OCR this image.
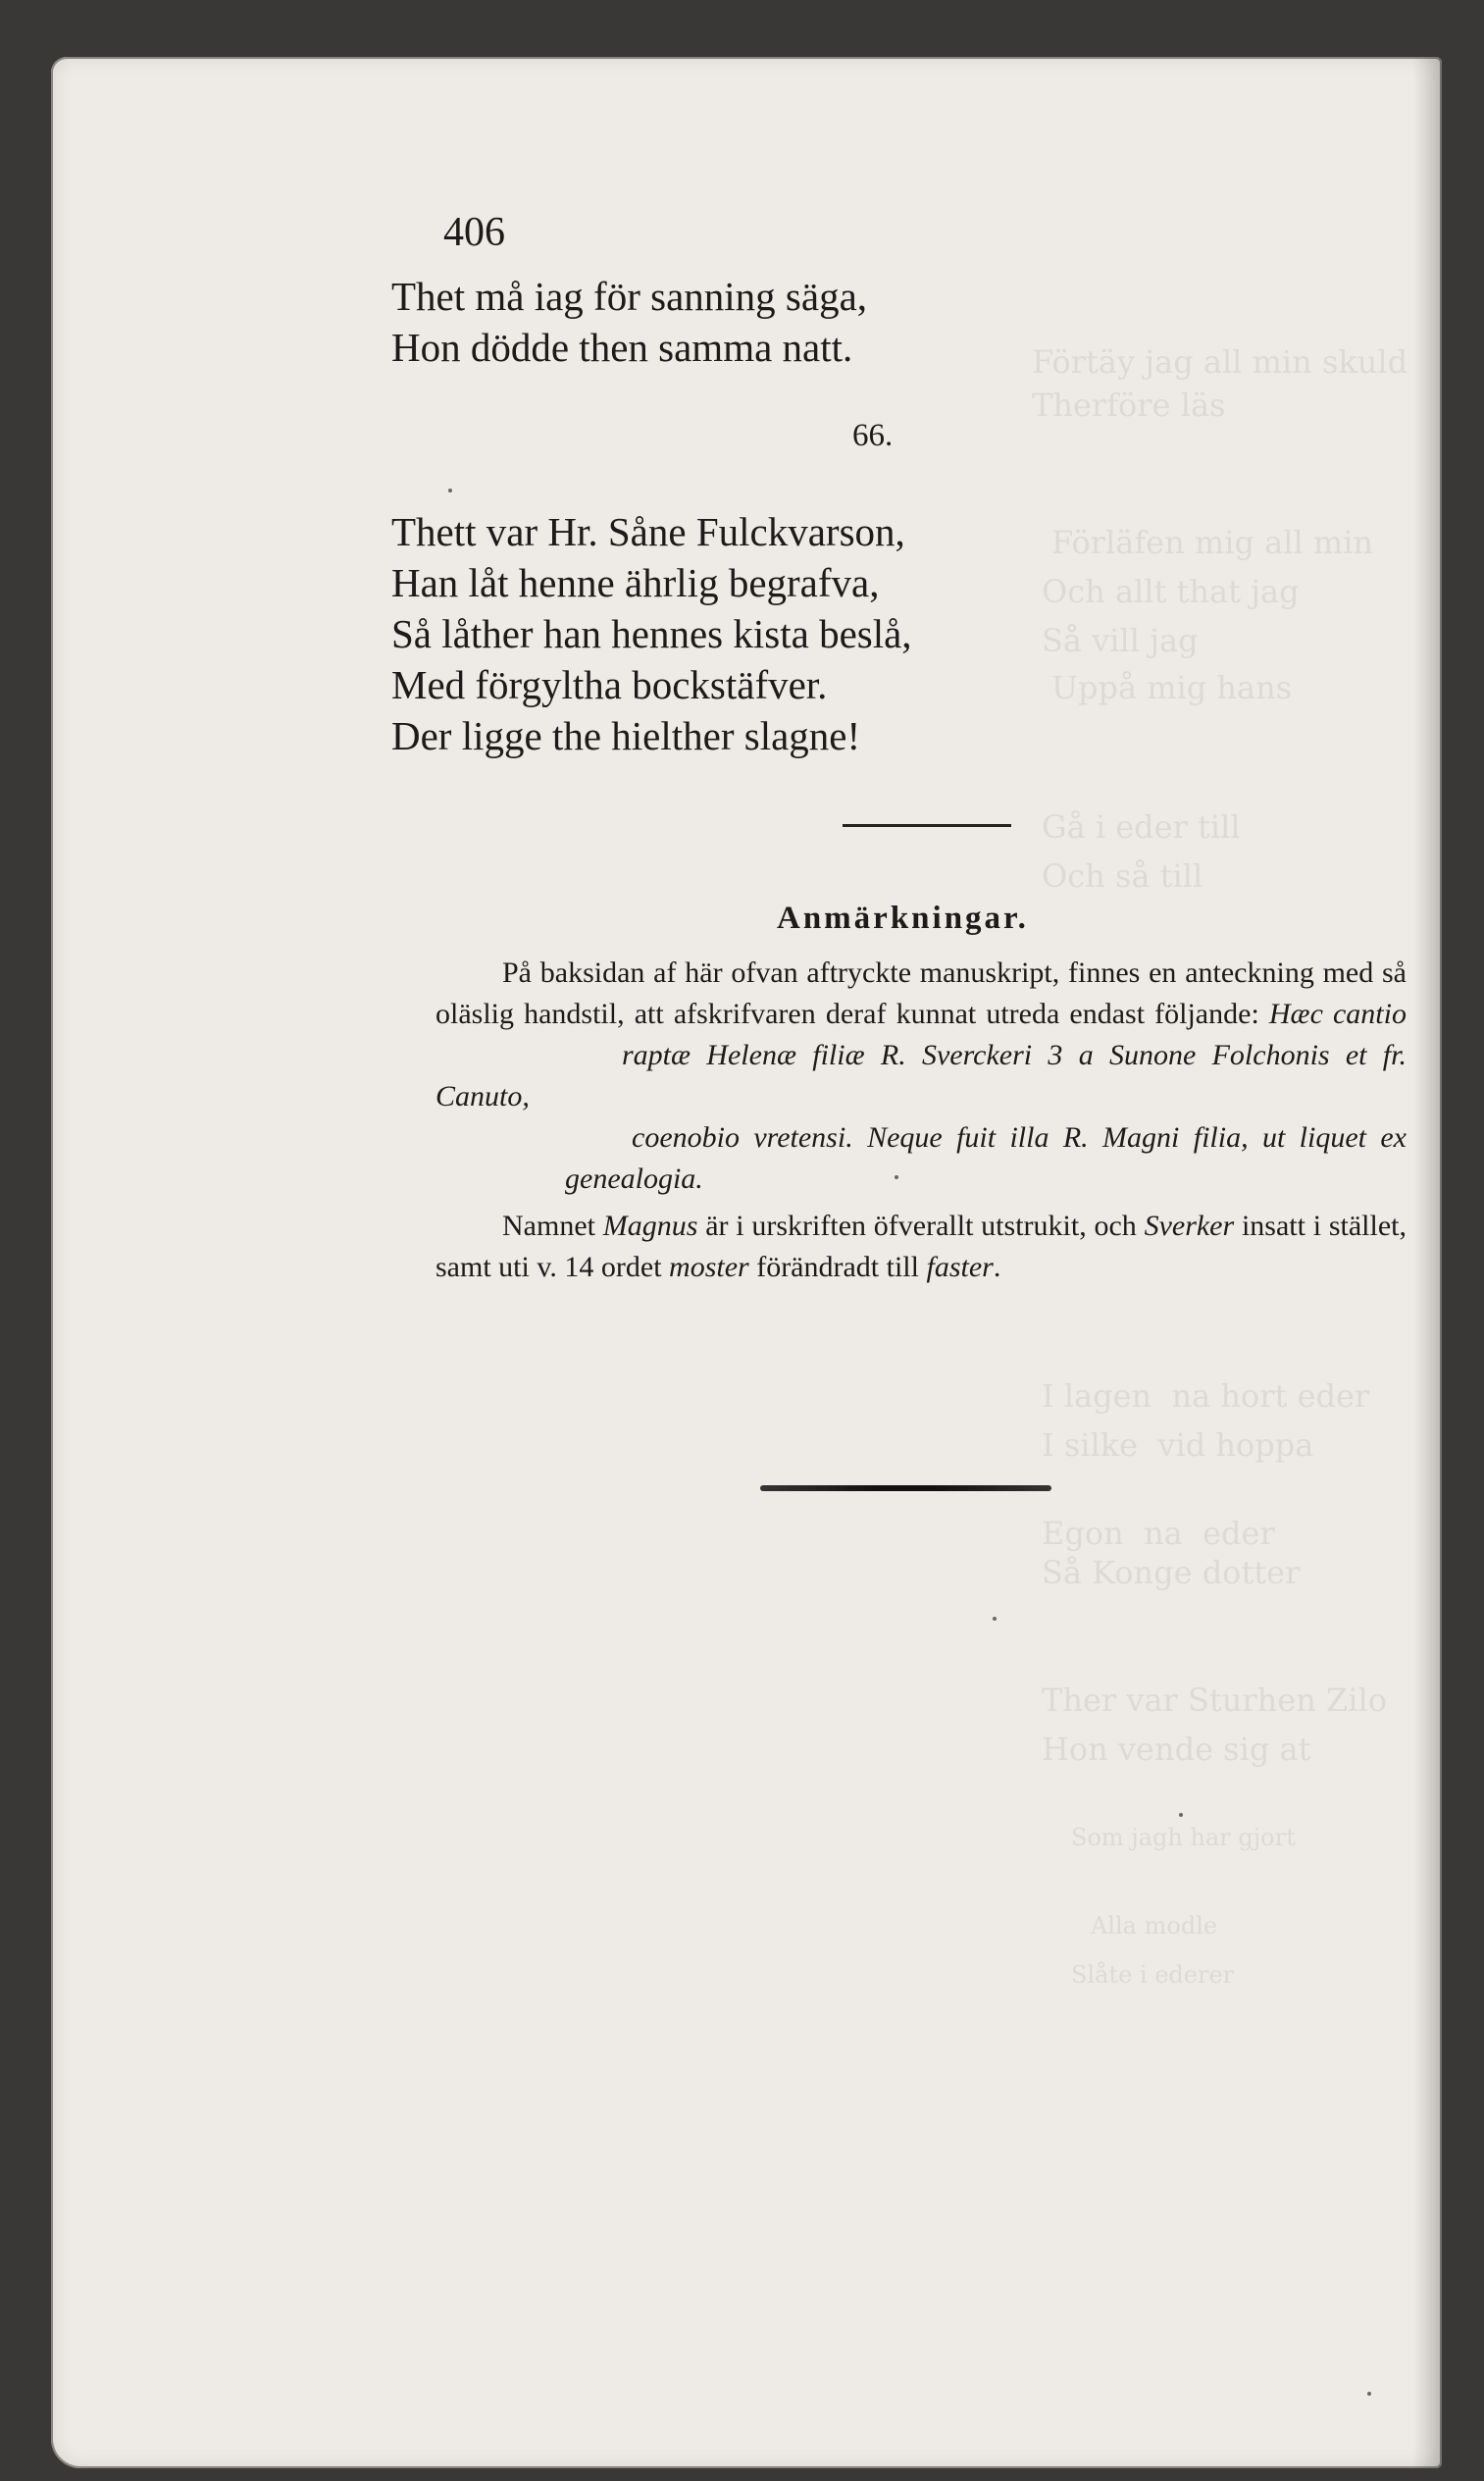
Förtäy jag all min skuld
Therföre läs
Förläfen mig all min
Och allt that jag
Så vill jag
Uppå mig hans
Gå i eder till
Och så till
I lagen  na hort eder
I silke  vid hoppa
Egon  na  eder
Så Konge dotter
Ther var Sturhen Zilo
Hon vende sig at
Som jagh har gjort
Alla modle
Slåte i ederer
406
Thet må iag för sanning säga,
Hon dödde then samma natt.
66.
Thett var Hr. Såne Fulckvarson,
Han låt henne ährlig begrafva,
Så låther han hennes kista beslå,
Med förgyltha bockstäfver.
Der ligge the hielther slagne!
Anmärkningar.

På baksidan af här ofvan aftryckte manuskript, finnes en anteckning med så oläslig handstil, att afskrifvaren deraf kunnat utreda endast följande: Hæc cantio raptæ Helenæ filiæ R. Sverckeri 3 a Sunone Folchonis et fr. Canuto,
coenobio vretensi. Neque fuit illa R. Magni filia, ut liquet ex genealogia.

Namnet Magnus är i urskriften öfverallt utstrukit, och Sverker insatt i stället, samt uti v. 14 ordet moster förändradt till faster.
